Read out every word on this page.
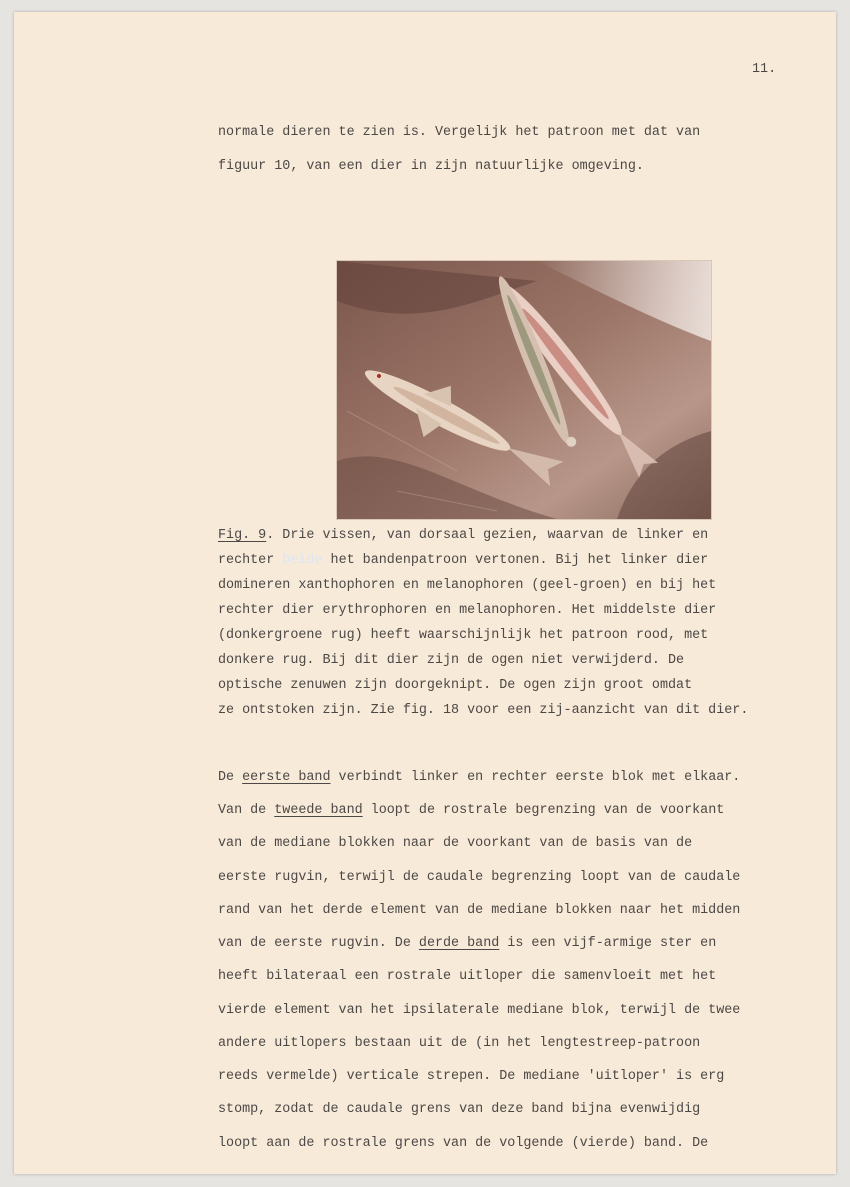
11.
normale dieren te zien is. Vergelijk het patroon met dat van
figuur 10, van een dier in zijn natuurlijke omgeving.
Fig. 9. Drie vissen, van dorsaal gezien, waarvan de linker en
rechter beide het bandenpatroon vertonen. Bij het linker dier
domineren xanthophoren en melanophoren (geel-groen) en bij het
rechter dier erythrophoren en melanophoren. Het middelste dier
(donkergroene rug) heeft waarschijnlijk het patroon rood, met
donkere rug. Bij dit dier zijn de ogen niet verwijderd. De
optische zenuwen zijn doorgeknipt. De ogen zijn groot omdat
ze ontstoken zijn. Zie fig. 18 voor een zij-aanzicht van dit dier.
De eerste band verbindt linker en rechter eerste blok met elkaar.
Van de tweede band loopt de rostrale begrenzing van de voorkant
van de mediane blokken naar de voorkant van de basis van de
eerste rugvin, terwijl de caudale begrenzing loopt van de caudale
rand van het derde element van de mediane blokken naar het midden
van de eerste rugvin. De derde band is een vijf-armige ster en
heeft bilateraal een rostrale uitloper die samenvloeit met het
vierde element van het ipsilaterale mediane blok, terwijl de twee
andere uitlopers bestaan uit de (in het lengtestreep-patroon
reeds vermelde) verticale strepen. De mediane 'uitloper' is erg
stomp, zodat de caudale grens van deze band bijna evenwijdig
loopt aan de rostrale grens van de volgende (vierde) band. De
